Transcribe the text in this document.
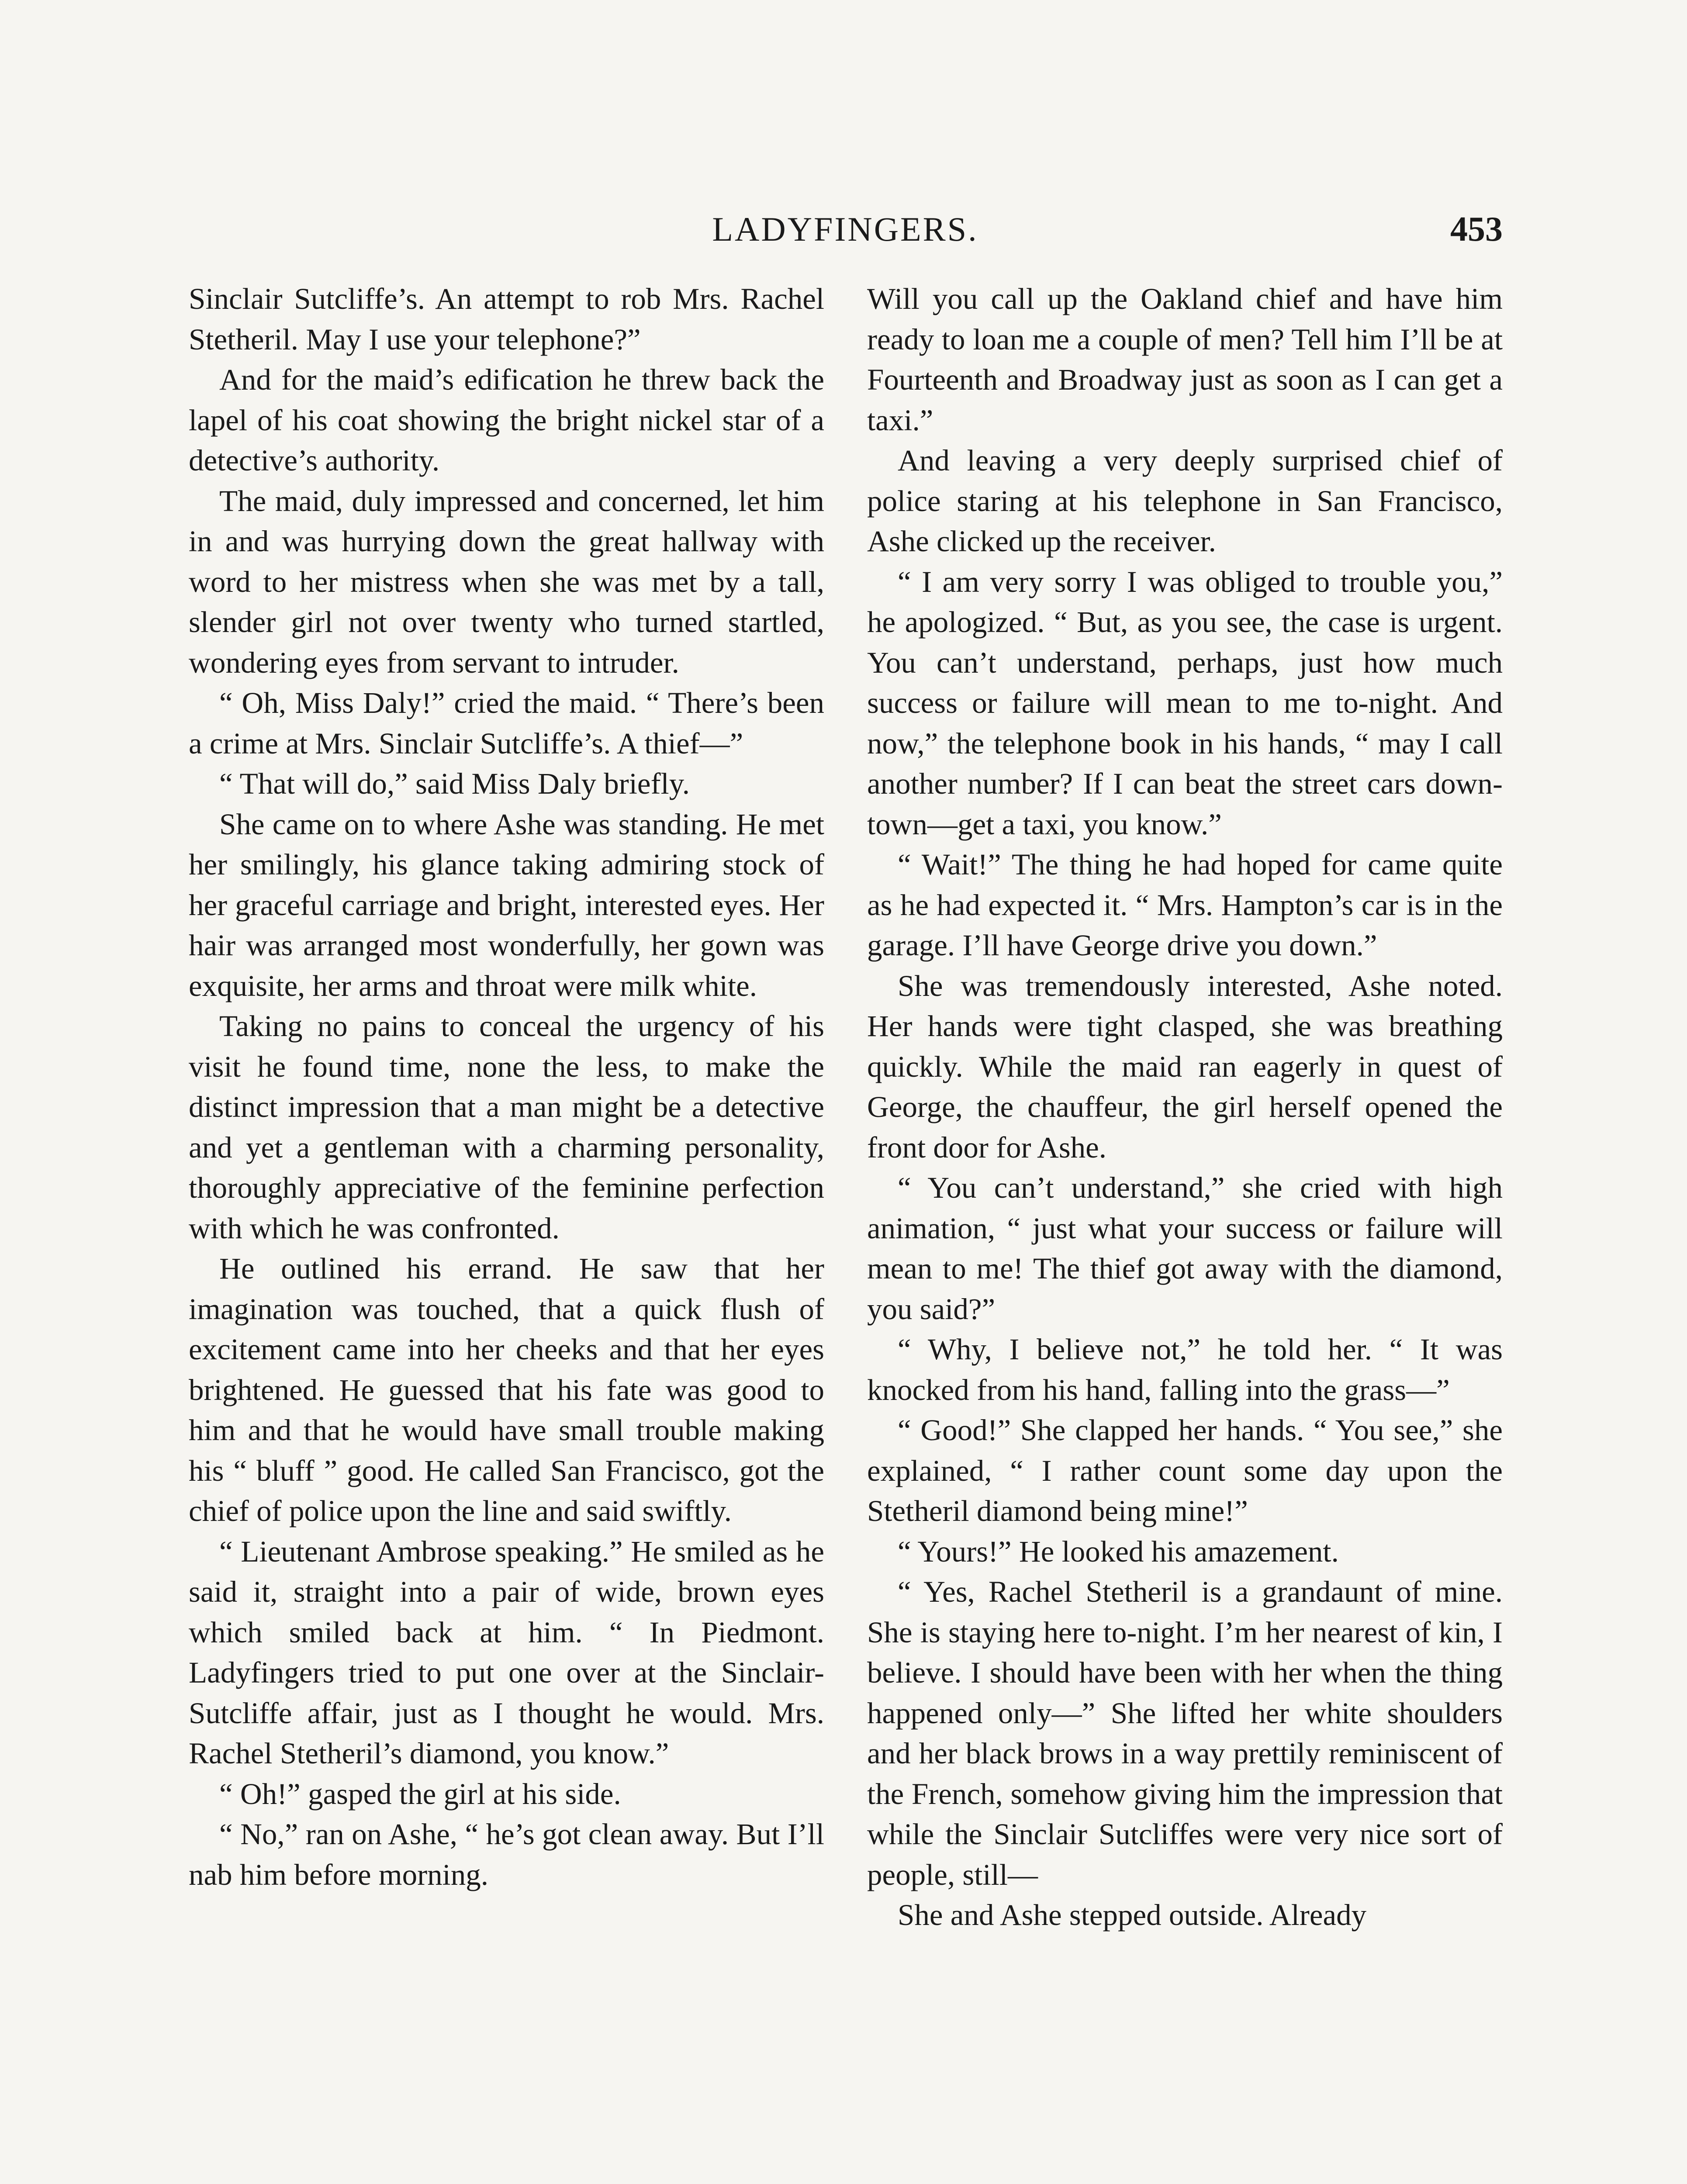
LADYFINGERS.	453

Sinclair Sutcliffe’s. An attempt to rob Mrs. Rachel Stetheril. May I use your telephone?”

And for the maid’s edification he threw back the lapel of his coat showing the bright nickel star of a detective’s authority.

The maid, duly impressed and concerned, let him in and was hurrying down the great hallway with word to her mistress when she was met by a tall, slender girl not over twenty who turned startled, wondering eyes from servant to intruder.

“ Oh, Miss Daly!” cried the maid. “ There’s been a crime at Mrs. Sinclair Sutcliffe’s. A thief—”

“ That will do,” said Miss Daly briefly.

She came on to where Ashe was standing. He met her smilingly, his glance taking admiring stock of her graceful carriage and bright, interested eyes. Her hair was arranged most wonderfully, her gown was exquisite, her arms and throat were milk white.

Taking no pains to conceal the urgency of his visit he found time, none the less, to make the distinct impression that a man might be a detective and yet a gentleman with a charming personality, thoroughly appreciative of the feminine perfection with which he was confronted.

He outlined his errand. He saw that her imagination was touched, that a quick flush of excitement came into her cheeks and that her eyes brightened. He guessed that his fate was good to him and that he would have small trouble making his “ bluff ” good. He called San Francisco, got the chief of police upon the line and said swiftly.

“ Lieutenant Ambrose speaking.” He smiled as he said it, straight into a pair of wide, brown eyes which smiled back at him. “ In Piedmont. Ladyfingers tried to put one over at the Sinclair-Sutcliffe affair, just as I thought he would. Mrs. Rachel Stetheril’s diamond, you know.”

“ Oh!” gasped the girl at his side.

“ No,” ran on Ashe, “ he’s got clean away. But I’ll nab him before morning.

Will you call up the Oakland chief and have him ready to loan me a couple of men? Tell him I’ll be at Fourteenth and Broadway just as soon as I can get a taxi.”

And leaving a very deeply surprised chief of police staring at his telephone in San Francisco, Ashe clicked up the receiver.

“ I am very sorry I was obliged to trouble you,” he apologized. “ But, as you see, the case is urgent. You can’t understand, perhaps, just how much success or failure will mean to me to-night. And now,” the telephone book in his hands, “ may I call another number? If I can beat the street cars down-town—get a taxi, you know.”

“ Wait!” The thing he had hoped for came quite as he had expected it. “ Mrs. Hampton’s car is in the garage. I’ll have George drive you down.”

She was tremendously interested, Ashe noted. Her hands were tight clasped, she was breathing quickly. While the maid ran eagerly in quest of George, the chauffeur, the girl herself opened the front door for Ashe.

“ You can’t understand,” she cried with high animation, “ just what your success or failure will mean to me! The thief got away with the diamond, you said?”

“ Why, I believe not,” he told her. “ It was knocked from his hand, falling into the grass—”

“ Good!” She clapped her hands. “ You see,” she explained, “ I rather count some day upon the Stetheril diamond being mine!”

“ Yours!” He looked his amazement.

“ Yes, Rachel Stetheril is a grandaunt of mine. She is staying here to-night. I’m her nearest of kin, I believe. I should have been with her when the thing happened only—” She lifted her white shoulders and her black brows in a way prettily reminiscent of the French, somehow giving him the impression that while the Sinclair Sutcliffes were very nice sort of people, still—

She and Ashe stepped outside. Already
